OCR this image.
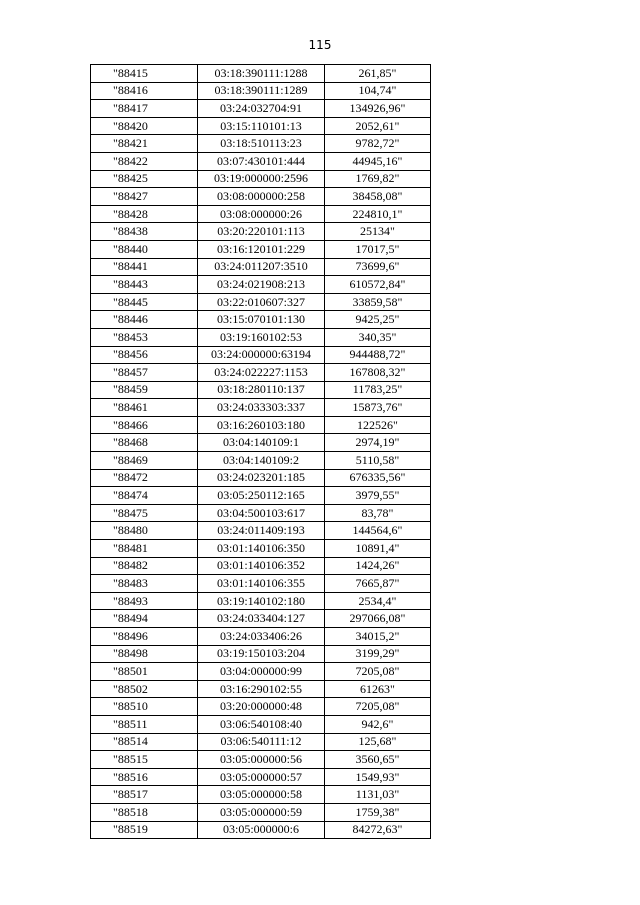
115
"88415	03:18:390111:1288	261,85"
"88416	03:18:390111:1289	104,74"
"88417	03:24:032704:91	134926,96"
"88420	03:15:110101:13	2052,61"
"88421	03:18:510113:23	9782,72"
"88422	03:07:430101:444	44945,16"
"88425	03:19:000000:2596	1769,82"
"88427	03:08:000000:258	38458,08"
"88428	03:08:000000:26	224810,1"
"88438	03:20:220101:113	25134"
"88440	03:16:120101:229	17017,5"
"88441	03:24:011207:3510	73699,6"
"88443	03:24:021908:213	610572,84"
"88445	03:22:010607:327	33859,58"
"88446	03:15:070101:130	9425,25"
"88453	03:19:160102:53	340,35"
"88456	03:24:000000:63194	944488,72"
"88457	03:24:022227:1153	167808,32"
"88459	03:18:280110:137	11783,25"
"88461	03:24:033303:337	15873,76"
"88466	03:16:260103:180	122526"
"88468	03:04:140109:1	2974,19"
"88469	03:04:140109:2	5110,58"
"88472	03:24:023201:185	676335,56"
"88474	03:05:250112:165	3979,55"
"88475	03:04:500103:617	83,78"
"88480	03:24:011409:193	144564,6"
"88481	03:01:140106:350	10891,4"
"88482	03:01:140106:352	1424,26"
"88483	03:01:140106:355	7665,87"
"88493	03:19:140102:180	2534,4"
"88494	03:24:033404:127	297066,08"
"88496	03:24:033406:26	34015,2"
"88498	03:19:150103:204	3199,29"
"88501	03:04:000000:99	7205,08"
"88502	03:16:290102:55	61263"
"88510	03:20:000000:48	7205,08"
"88511	03:06:540108:40	942,6"
"88514	03:06:540111:12	125,68"
"88515	03:05:000000:56	3560,65"
"88516	03:05:000000:57	1549,93"
"88517	03:05:000000:58	1131,03"
"88518	03:05:000000:59	1759,38"
"88519	03:05:000000:6	84272,63"
